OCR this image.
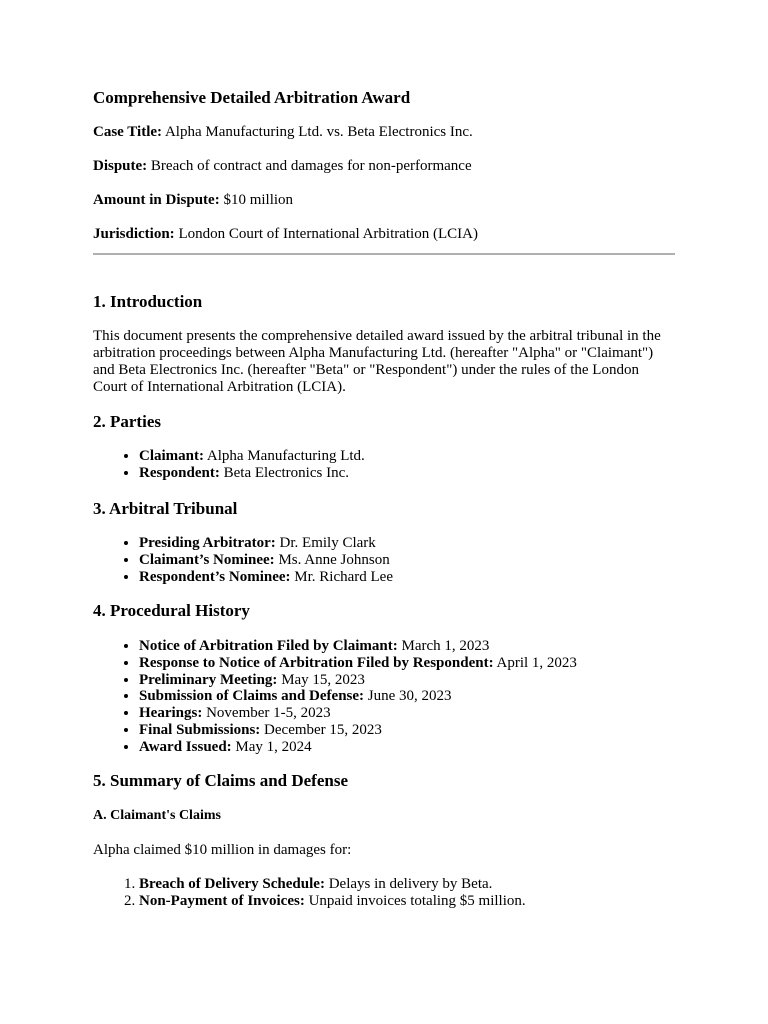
Comprehensive Detailed Arbitration Award

Case Title: Alpha Manufacturing Ltd. vs. Beta Electronics Inc.

Dispute: Breach of contract and damages for non-performance

Amount in Dispute: $10 million

Jurisdiction: London Court of International Arbitration (LCIA)

1. Introduction

This document presents the comprehensive detailed award issued by the arbitral tribunal in the arbitration proceedings between Alpha Manufacturing Ltd. (hereafter "Alpha" or "Claimant") and Beta Electronics Inc. (hereafter "Beta" or "Respondent") under the rules of the London Court of International Arbitration (LCIA).

2. Parties
• Claimant: Alpha Manufacturing Ltd.
• Respondent: Beta Electronics Inc.
3. Arbitral Tribunal
• Presiding Arbitrator: Dr. Emily Clark
• Claimant’s Nominee: Ms. Anne Johnson
• Respondent’s Nominee: Mr. Richard Lee
4. Procedural History
• Notice of Arbitration Filed by Claimant: March 1, 2023
• Response to Notice of Arbitration Filed by Respondent: April 1, 2023
• Preliminary Meeting: May 15, 2023
• Submission of Claims and Defense: June 30, 2023
• Hearings: November 1-5, 2023
• Final Submissions: December 15, 2023
• Award Issued: May 1, 2024
5. Summary of Claims and Defense
A. Claimant's Claims

Alpha claimed $10 million in damages for:

1. Breach of Delivery Schedule: Delays in delivery by Beta.
2. Non-Payment of Invoices: Unpaid invoices totaling $5 million.
